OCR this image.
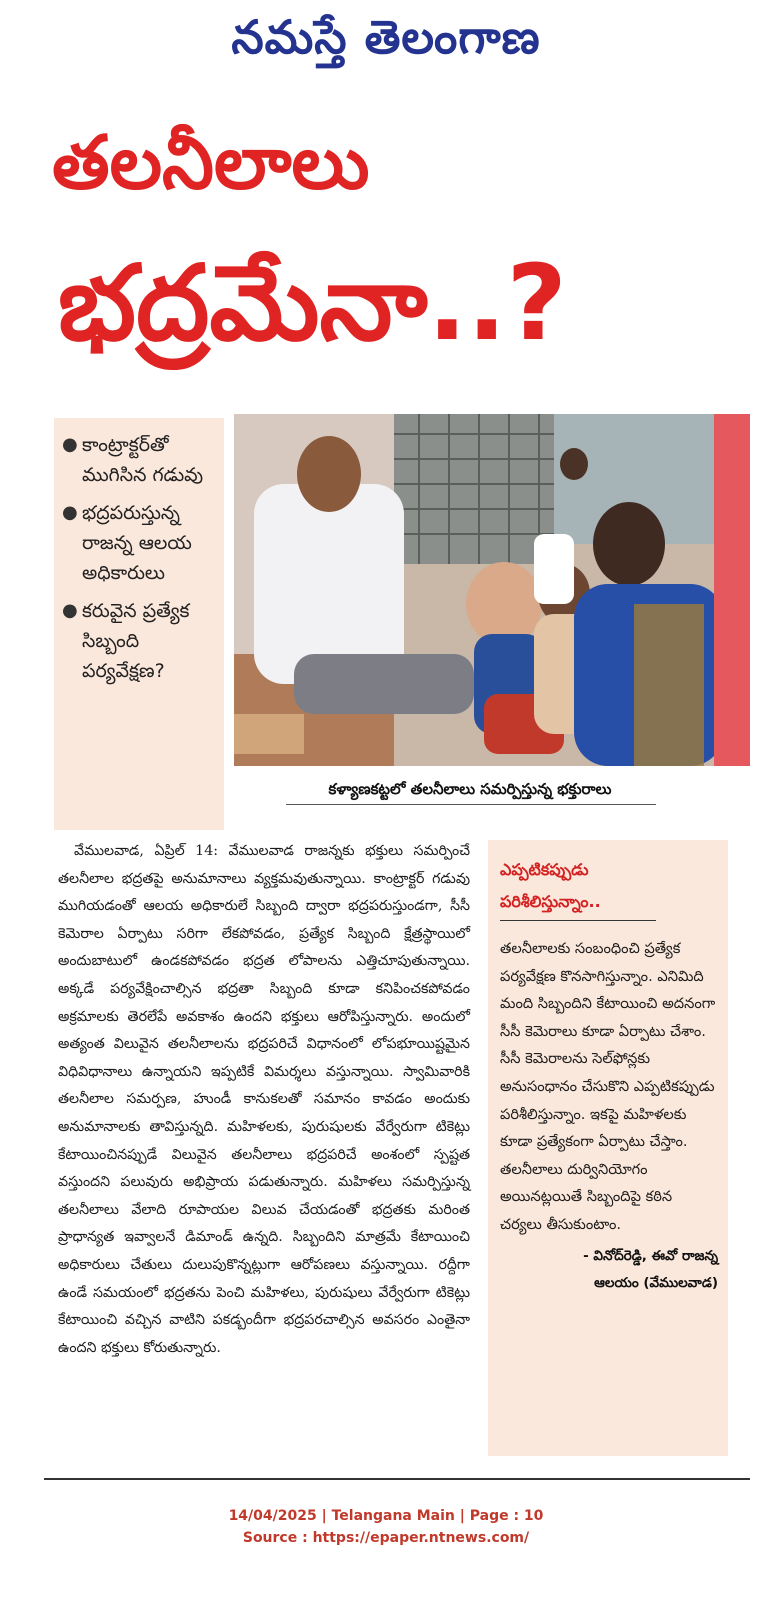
నమస్తే తెలంగాణ
తలనీలాలు
భద్రమేనా..?
● కాంట్రాక్టర్‌తో ముగిసిన గడువు
● భద్రపరుస్తున్న రాజన్న ఆలయ అధికారులు
● కరువైన ప్రత్యేక సిబ్బంది పర్యవేక్షణ?
కళ్యాణకట్టలో తలనీలాలు సమర్పిస్తున్న భక్తురాలు

వేములవాడ, ఏప్రిల్ 14: వేములవాడ రాజన్నకు భక్తులు సమర్పించే తలనీలాల భద్రతపై అనుమానాలు వ్యక్తమవుతున్నాయి. కాంట్రాక్టర్ గడువు ముగియడంతో ఆలయ అధికారులే సిబ్బంది ద్వారా భద్రపరుస్తుండగా, సీసీ కెమెరాల ఏర్పాటు సరిగా లేకపోవడం, ప్రత్యేక సిబ్బంది క్షేత్రస్థాయిలో అందుబాటులో ఉండకపోవడం భద్రత లోపాలను ఎత్తిచూపుతున్నాయి. అక్కడే పర్యవేక్షించాల్సిన భద్రతా సిబ్బంది కూడా కనిపించకపోవడం అక్రమాలకు తెరలేపే అవకాశం ఉందని భక్తులు ఆరోపిస్తున్నారు. అందులో అత్యంత విలువైన తలనీలాలను భద్రపరిచే విధానంలో లోపభూయిష్టమైన విధివిధానాలు ఉన్నాయని ఇప్పటికే విమర్శలు వస్తున్నాయి. స్వామివారికి తలనీలాల సమర్పణ, హుండీ కానుకలతో సమానం కావడం అందుకు అనుమానాలకు తావిస్తున్నది. మహిళలకు, పురుషులకు వేర్వేరుగా టికెట్లు కేటాయించినప్పుడే విలువైన తలనీలాలు భద్రపరిచే అంశంలో స్పష్టత వస్తుందని పలువురు అభిప్రాయ పడుతున్నారు. మహిళలు సమర్పిస్తున్న తలనీలాలు వేలాది రూపాయల విలువ చేయడంతో భద్రతకు మరింత ప్రాధాన్యత ఇవ్వాలనే డిమాండ్ ఉన్నది. సిబ్బందిని మాత్రమే కేటాయించి అధికారులు చేతులు దులుపుకొన్నట్లుగా ఆరోపణలు వస్తున్నాయి. రద్దీగా ఉండే సమయంలో భద్రతను పెంచి మహిళలు, పురుషులు వేర్వేరుగా టికెట్లు కేటాయించి వచ్చిన వాటిని పకడ్బందీగా భద్రపరచాల్సిన అవసరం ఎంతైనా ఉందని భక్తులు కోరుతున్నారు.

ఎప్పటికప్పుడు పరిశీలిస్తున్నాం..

తలనీలాలకు సంబంధించి ప్రత్యేక పర్యవేక్షణ కొనసాగిస్తున్నాం. ఎనిమిది మంది సిబ్బందిని కేటాయించి అదనంగా సీసీ కెమెరాలు కూడా ఏర్పాటు చేశాం. సీసీ కెమెరాలను సెల్‌ఫోన్లకు అనుసంధానం చేసుకొని ఎప్పటికప్పుడు పరిశీలిస్తున్నాం. ఇకపై మహిళలకు కూడా ప్రత్యేకంగా ఏర్పాటు చేస్తాం. తలనీలాలు దుర్వినియోగం అయినట్లయితే సిబ్బందిపై కఠిన చర్యలు తీసుకుంటాం.

- వినోద్‌రెడ్డి, ఈవో రాజన్న
ఆలయం (వేములవాడ)
14/04/2025 | Telangana Main | Page : 10
Source : https://epaper.ntnews.com/
